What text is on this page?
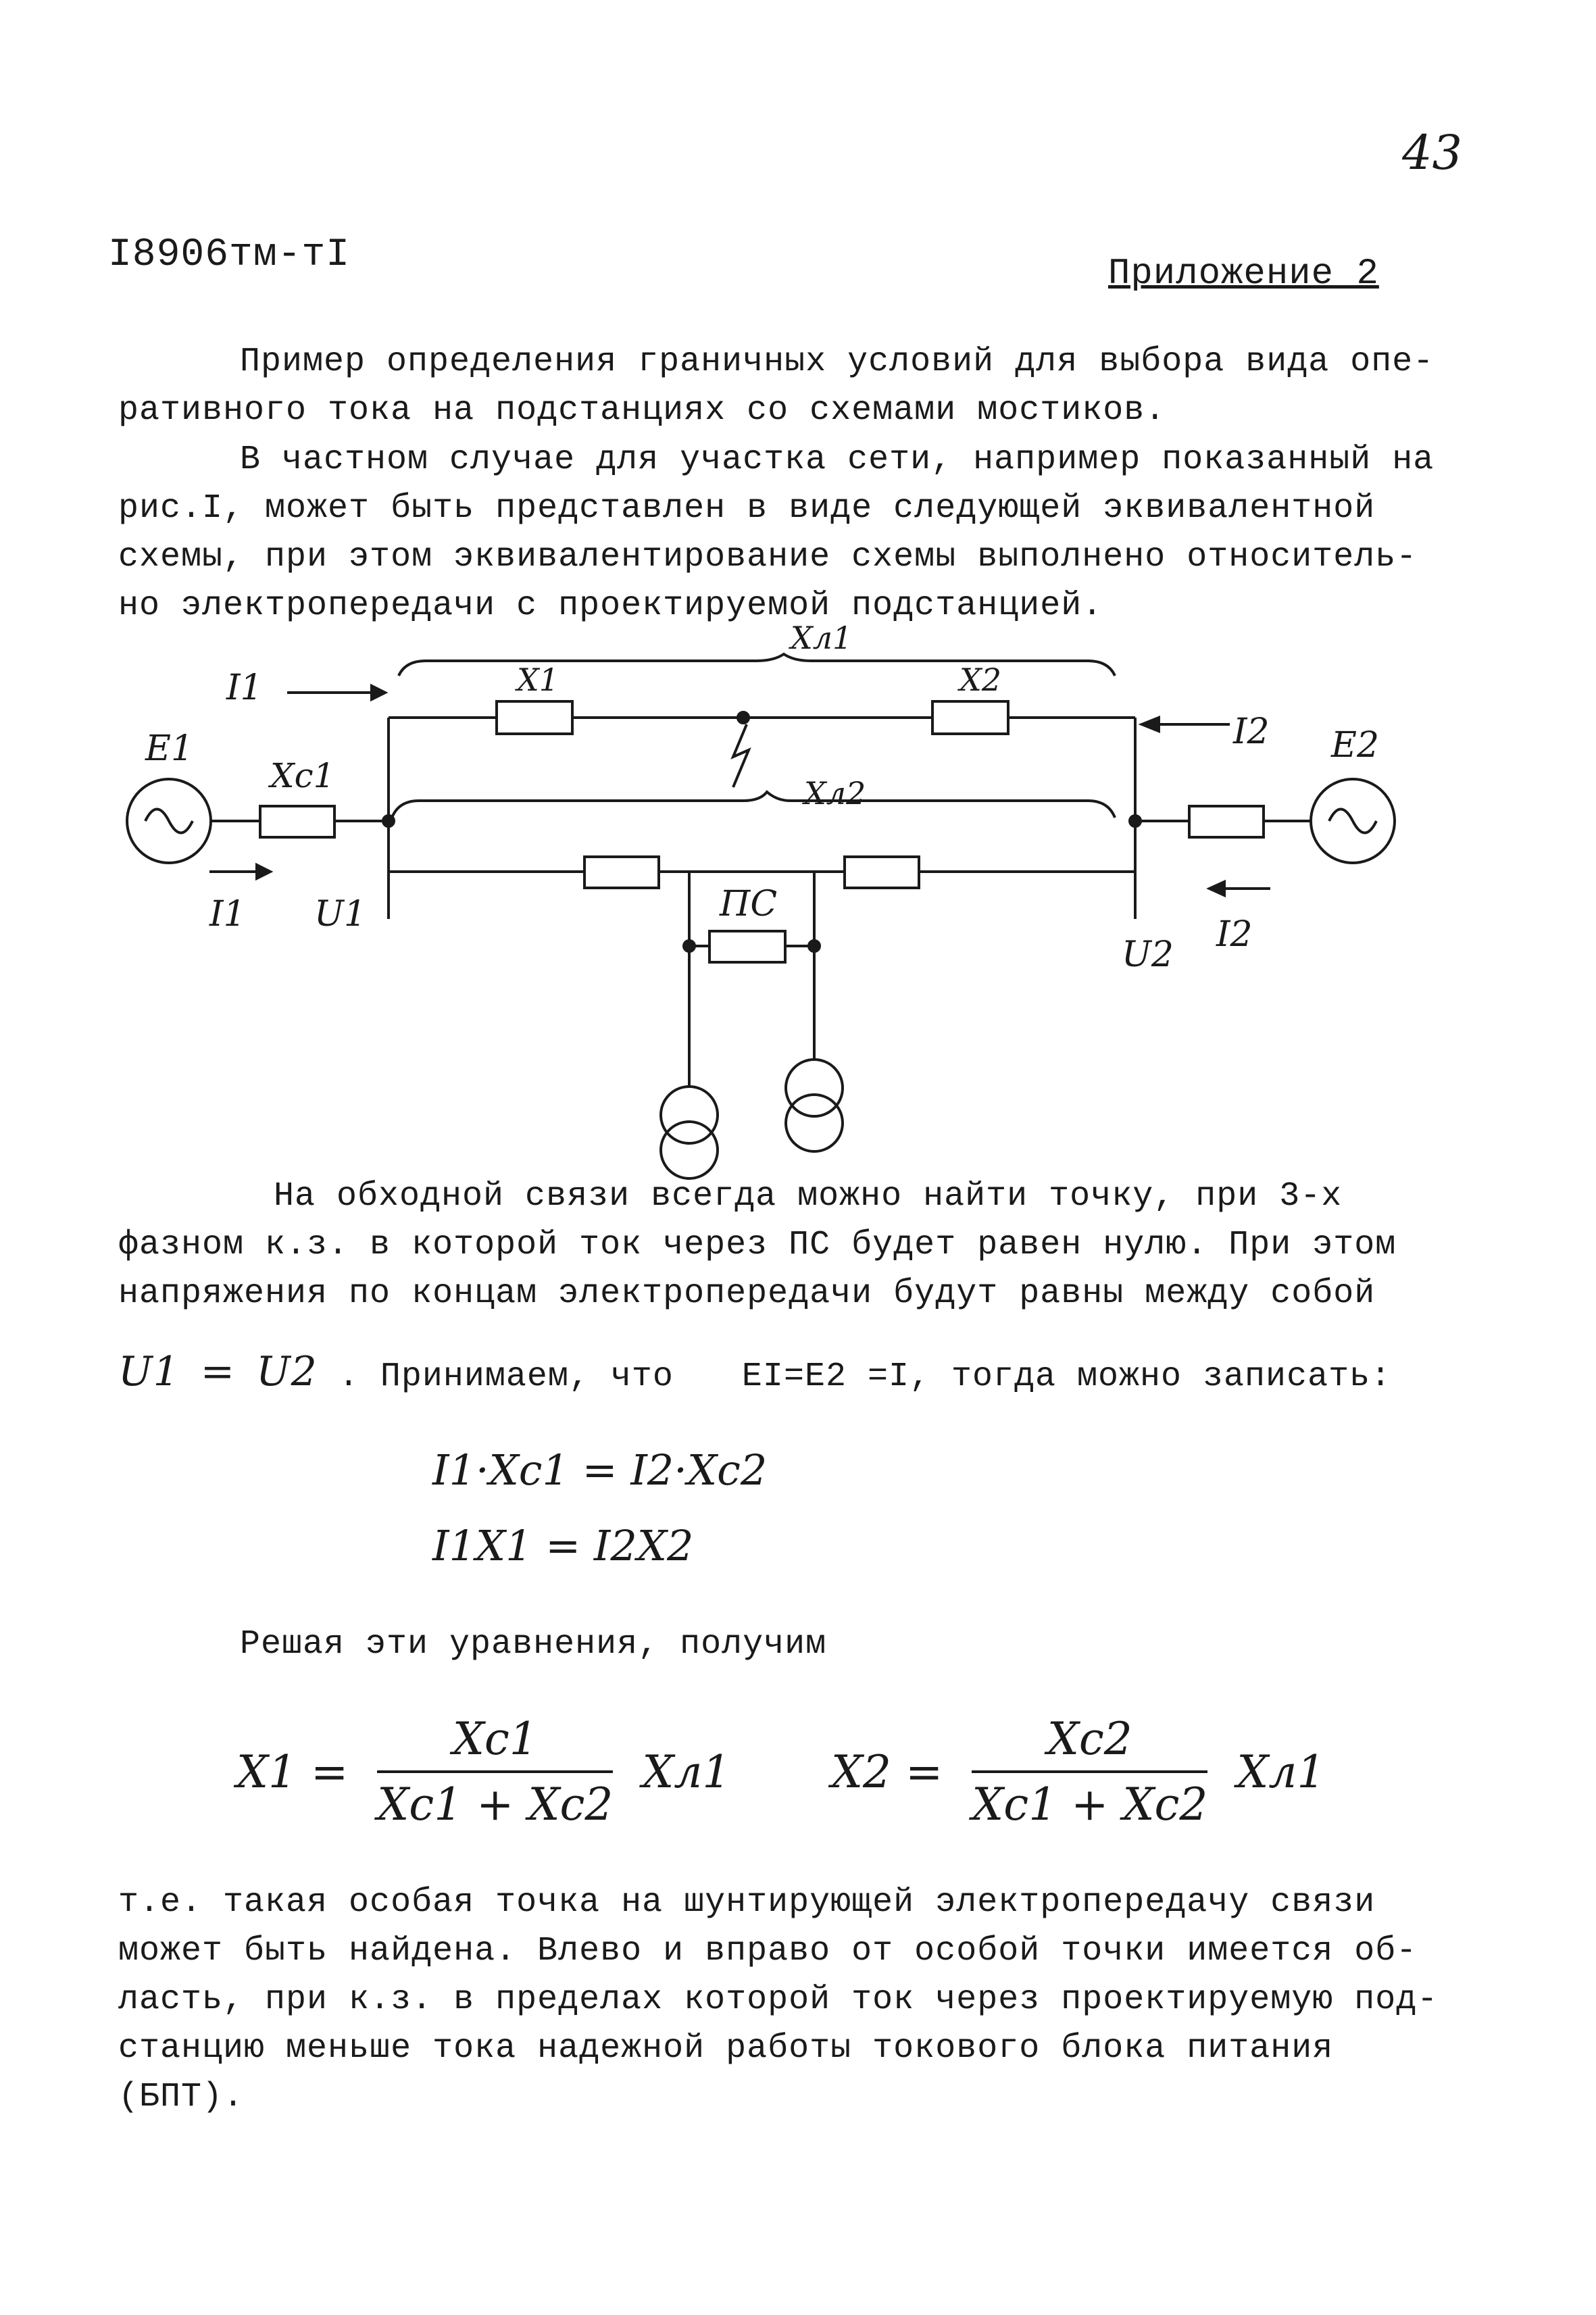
43
I8906тм-тI	Приложение 2

Пример определения граничных условий для выбора вида опе-

ративного тока на подстанциях со схемами мостиков.

В частном случае для участка сети, например показанный на

рис.I, может быть представлен в виде следующей эквивалентной

схемы, при этом эквивалентирование схемы выполнено относитель-

но электропередачи с проектируемой подстанцией.

Xл1
Xл2
X1	X2
E1
Xc1
E2
I1
I2
ПС
I1 U1	I2
U2

На обходной связи всегда можно найти точку, при 3-х

фазном к.з. в которой ток через ПС будет равен нулю. При этом

напряжения по концам электропередачи будут равны между собой

U1 = U2 . Принимаем, что EI=E2 =I, тогда можно записать:
I1·Xc1 = I2·Xc2
I1X1 = I2X2
Решая эти уравнения, получим
$X1 = \frac{Xc1}{Xc1 + Xc2} Xл1$ $X2 = \frac{Xc2}{Xc1 + Xc2} Xл1$

т.е. такая особая точка на шунтирующей электропередачу связи

может быть найдена. Влево и вправо от особой точки имеется об-

ласть, при к.з. в пределах которой ток через проектируемую под-

станцию меньше тока надежной работы токового блока питания (БПТ).
